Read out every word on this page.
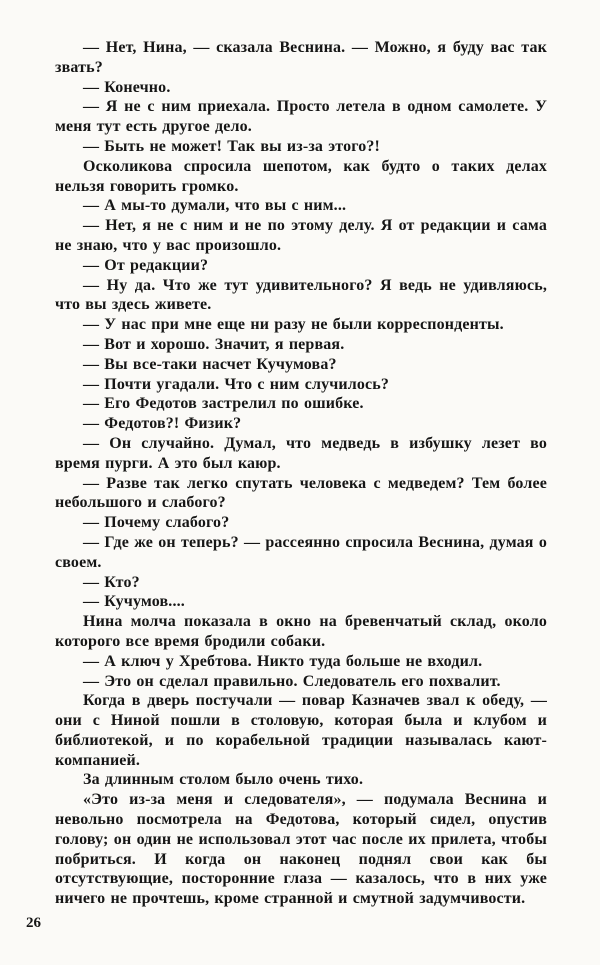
— Нет, Нина, — сказала Веснина. — Можно, я буду вас так звать?

— Конечно.

— Я не с ним приехала. Просто летела в одном самолете. У меня тут есть другое дело.

— Быть не может! Так вы из-за этого?!

Осколикова спросила шепотом, как будто о таких делах нельзя говорить громко.

— А мы-то думали, что вы с ним...

— Нет, я не с ним и не по этому делу. Я от редакции и сама не знаю, что у вас произошло.

— От редакции?

— Ну да. Что же тут удивительного? Я ведь не удивляюсь, что вы здесь живете.

— У нас при мне еще ни разу не были корреспонденты.

— Вот и хорошо. Значит, я первая.

— Вы все-таки насчет Кучумова?

— Почти угадали. Что с ним случилось?

— Его Федотов застрелил по ошибке.

— Федотов?! Физик?

— Он случайно. Думал, что медведь в избушку лезет во время пурги. А это был каюр.

— Разве так легко спутать человека с медведем? Тем более небольшого и слабого?

— Почему слабого?

— Где же он теперь? — рассеянно спросила Веснина, думая о своем.

— Кто?

— Кучумов....

Нина молча показала в окно на бревенчатый склад, около которого все время бродили собаки.

— А ключ у Хребтова. Никто туда больше не входил.

— Это он сделал правильно. Следователь его похвалит.

Когда в дверь постучали — повар Казначев звал к обеду, — они с Ниной пошли в столовую, которая была и клубом и библиотекой, и по корабельной традиции называлась кают-компанией.

За длинным столом было очень тихо.

«Это из-за меня и следователя», — подумала Веснина и невольно посмотрела на Федотова, который сидел, опустив голову; он один не использовал этот час после их прилета, чтобы побриться. И когда он наконец поднял свои как бы отсутствующие, посторонние глаза — казалось, что в них уже ничего не прочтешь, кроме странной и смутной задумчивости.

26
